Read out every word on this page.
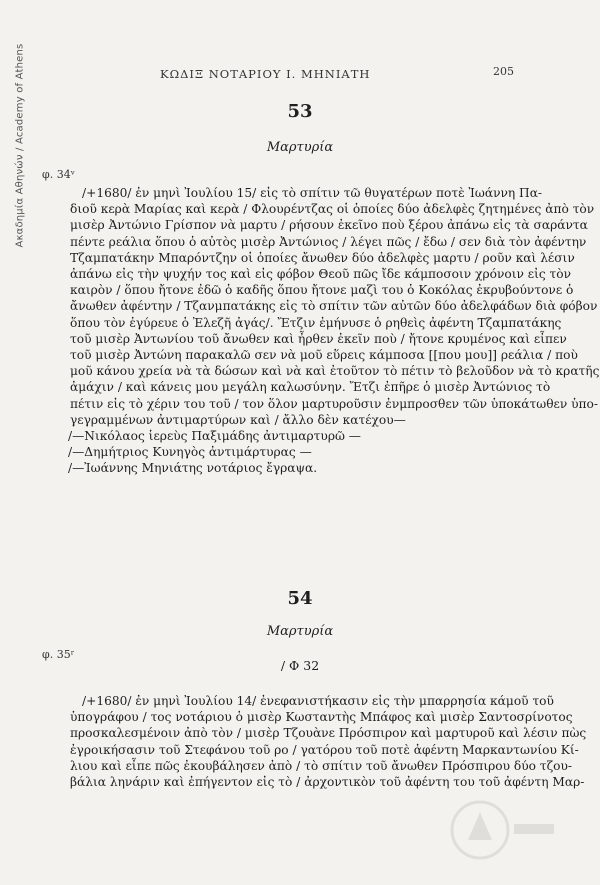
Ακαδημία Αθηνών / Academy of Athens	ΚΩΔΙΞ ΝΟΤΑΡΙΟΥ Ι. ΜΗΝΙΑΤΗ	205
53
Μαρτυρία
φ. 34ᵛ
/+1680/ ἐν μηνὶ Ἰουλίου 15/ εἰς τὸ σπίτιν τῶ θυγατέρων ποτὲ Ἰωάννη Πα-
διοῦ κερὰ Μαρίας καὶ κερὰ / Φλουρέντζας οἱ ὁποίες δύο ἀδελφὲς ζητημένες ἀπὸ τὸν
μισὲρ Ἀντώνιο Γρίσπον νὰ μαρτυ / ρήσουν ἐκεῖνο ποὺ ξέρου ἀπάνω εἰς τὰ σαράντα
πέντε ρεάλια ὅπου ὁ αὐτὸς μισὲρ Ἀντώνιος / λέγει πῶς / ἔδω / σεν διὰ τὸν ἀφέντην
Τζαμπατάκην Μπαρόντζην οἱ ὁποίες ἄνωθεν δύο ἀδελφὲς μαρτυ / ροῦν καὶ λέσιν
ἀπάνω εἰς τὴν ψυχήν τος καὶ εἰς φόβον Θεοῦ πῶς ἴδε κάμποσοιν χρόνοιν εἰς τὸν
καιρὸν / ὅπου ἤτονε ἐδῶ ὁ καδῆς ὅπου ἤτονε μαζὶ του ὁ Κοκόλας ἐκρυβούντονε ὁ
ἄνωθεν ἀφέντην / Τζανμπατάκης εἰς τὸ σπίτιν τῶν αὐτῶν δύο ἀδελφάδων διὰ φόβον
ὅπου τὸν ἐγύρευε ὁ Ἐλεζῆ ἀγάς/. Ἔτζιν ἐμήνυσε ὁ ρηθεὶς ἀφέντη Τζαμπατάκης
τοῦ μισὲρ Ἀντωνίου τοῦ ἄνωθεν καὶ ἦρθεν ἐκεῖν ποὺ / ἤτονε κρυμένος καὶ εἶπεν
τοῦ μισὲρ Ἀντώνη παρακαλῶ σεν νὰ μοῦ εὕρεις κάμποσα [[που μου]] ρεάλια / ποὺ
μοῦ κάνου χρεία νὰ τὰ δώσων καὶ νὰ καὶ ἐτοῦτον τὸ πέτιν τὸ βελοῦδον νὰ τὸ κρατῆς
ἀμάχιν / καὶ κάνεις μου μεγάλη καλωσύνην. Ἔτζι ἐπῆρε ὁ μισὲρ Ἀντώνιος τὸ
πέτιν εἰς τὸ χέριν του τοῦ / τον ὅλον μαρτυροῦσιν ἐνμπροσθεν τῶν ὑποκάτωθεν ὑπο-
γεγραμμένων ἀντιμαρτύρων καὶ / ἄλλο δὲν κατέχου—
/—Νικόλαος ἱερεὺς Παξιμάδης ἀντιμαρτυρῶ —
/—Δημήτριος Κυνηγὸς ἀντιμάρτυρας —
/—Ἰωάννης Μηνιάτης νοτάριος ἔγραψα.
54
Μαρτυρία
φ. 35ʳ
/ Φ 32
/+1680/ ἐν μηνὶ Ἰουλίου 14/ ἐνεφανιστήκασιν εἰς τὴν μπαρρησία κάμοῦ τοῦ
ὑπογράφου / τος νοτάριου ὁ μισὲρ Κωσταντὴς Μπάφος καὶ μισὲρ Σαντοσρίνοτος
προσκαλεσμένοιν ἀπὸ τὸν / μισὲρ Τζουὰνε Πρόσπιρον καὶ μαρτυροῦ καὶ λέσιν πὼς
ἐγροικήσασιν τοῦ Στεφάνου τοῦ ρο / γατόρου τοῦ ποτὲ ἀφέντη Μαρκαντωνίου Κί-
λιου καὶ εἶπε πῶς ἐκουβάλησεν ἀπὸ / τὸ σπίτιν τοῦ ἄνωθεν Πρόσπιρου δύο τζου-
βάλια ληνάριν καὶ ἐπήγεντον εἰς τὸ / ἀρχοντικὸν τοῦ ἀφέντη του τοῦ ἀφέντη Μαρ-
